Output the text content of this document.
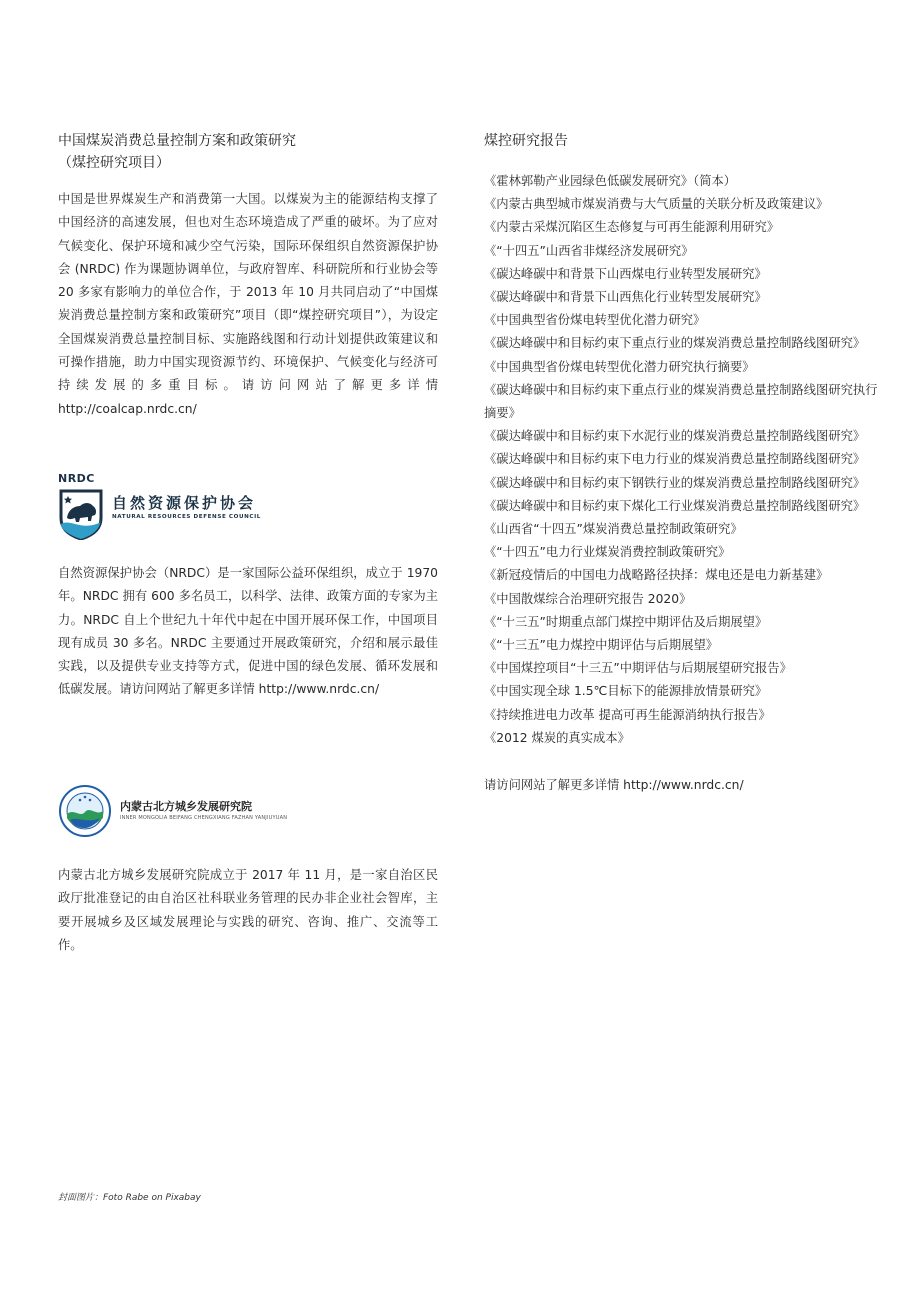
中国煤炭消费总量控制方案和政策研究
（煤控研究项目）

中国是世界煤炭生产和消费第一大国。以煤炭为主的能源结构支撑了中国经济的高速发展，但也对生态环境造成了严重的破坏。为了应对气候变化、保护环境和减少空气污染，国际环保组织自然资源保护协会 (NRDC) 作为课题协调单位，与政府智库、科研院所和行业协会等 20 多家有影响力的单位合作，于 2013 年 10 月共同启动了“中国煤炭消费总量控制方案和政策研究”项目（即“煤控研究项目”），为设定全国煤炭消费总量控制目标、实施路线图和行动计划提供政策建议和可操作措施，助力中国实现资源节约、环境保护、气候变化与经济可持续发展的多重目标。请访问网站了解更多详情 http://coalcap.nrdc.cn/

NRDC
自然资源保护协会
NATURAL RESOURCES DEFENSE COUNCIL

自然资源保护协会（NRDC）是一家国际公益环保组织，成立于 1970 年。NRDC 拥有 600 多名员工，以科学、法律、政策方面的专家为主力。NRDC 自上个世纪九十年代中起在中国开展环保工作，中国项目现有成员 30 多名。NRDC 主要通过开展政策研究，介绍和展示最佳实践，以及提供专业支持等方式，促进中国的绿色发展、循环发展和低碳发展。请访问网站了解更多详情 http://www.nrdc.cn/

内蒙古北方城乡发展研究院
INNER MONGOLIA BEIFANG CHENGXIANG FAZHAN YANJIUYUAN

内蒙古北方城乡发展研究院成立于 2017 年 11 月，是一家自治区民政厅批准登记的由自治区社科联业务管理的民办非企业社会智库，主要开展城乡及区域发展理论与实践的研究、咨询、推广、交流等工作。

煤控研究报告
《霍林郭勒产业园绿色低碳发展研究》（简本）
《内蒙古典型城市煤炭消费与大气质量的关联分析及政策建议》
《内蒙古采煤沉陷区生态修复与可再生能源利用研究》
《“十四五”山西省非煤经济发展研究》
《碳达峰碳中和背景下山西煤电行业转型发展研究》
《碳达峰碳中和背景下山西焦化行业转型发展研究》
《中国典型省份煤电转型优化潜力研究》
《碳达峰碳中和目标约束下重点行业的煤炭消费总量控制路线图研究》
《中国典型省份煤电转型优化潜力研究执行摘要》
《碳达峰碳中和目标约束下重点行业的煤炭消费总量控制路线图研究执行摘要》
《碳达峰碳中和目标约束下水泥行业的煤炭消费总量控制路线图研究》
《碳达峰碳中和目标约束下电力行业的煤炭消费总量控制路线图研究》
《碳达峰碳中和目标约束下钢铁行业的煤炭消费总量控制路线图研究》
《碳达峰碳中和目标约束下煤化工行业煤炭消费总量控制路线图研究》
《山西省“十四五”煤炭消费总量控制政策研究》
《“十四五”电力行业煤炭消费控制政策研究》
《新冠疫情后的中国电力战略路径抉择：煤电还是电力新基建》
《中国散煤综合治理研究报告 2020》
《“十三五”时期重点部门煤控中期评估及后期展望》
《“十三五”电力煤控中期评估与后期展望》
《中国煤控项目“十三五”中期评估与后期展望研究报告》
《中国实现全球 1.5℃目标下的能源排放情景研究》
《持续推进电力改革 提高可再生能源消纳执行报告》
《2012 煤炭的真实成本》

请访问网站了解更多详情 http://www.nrdc.cn/

封面图片：Foto Rabe on Pixabay
